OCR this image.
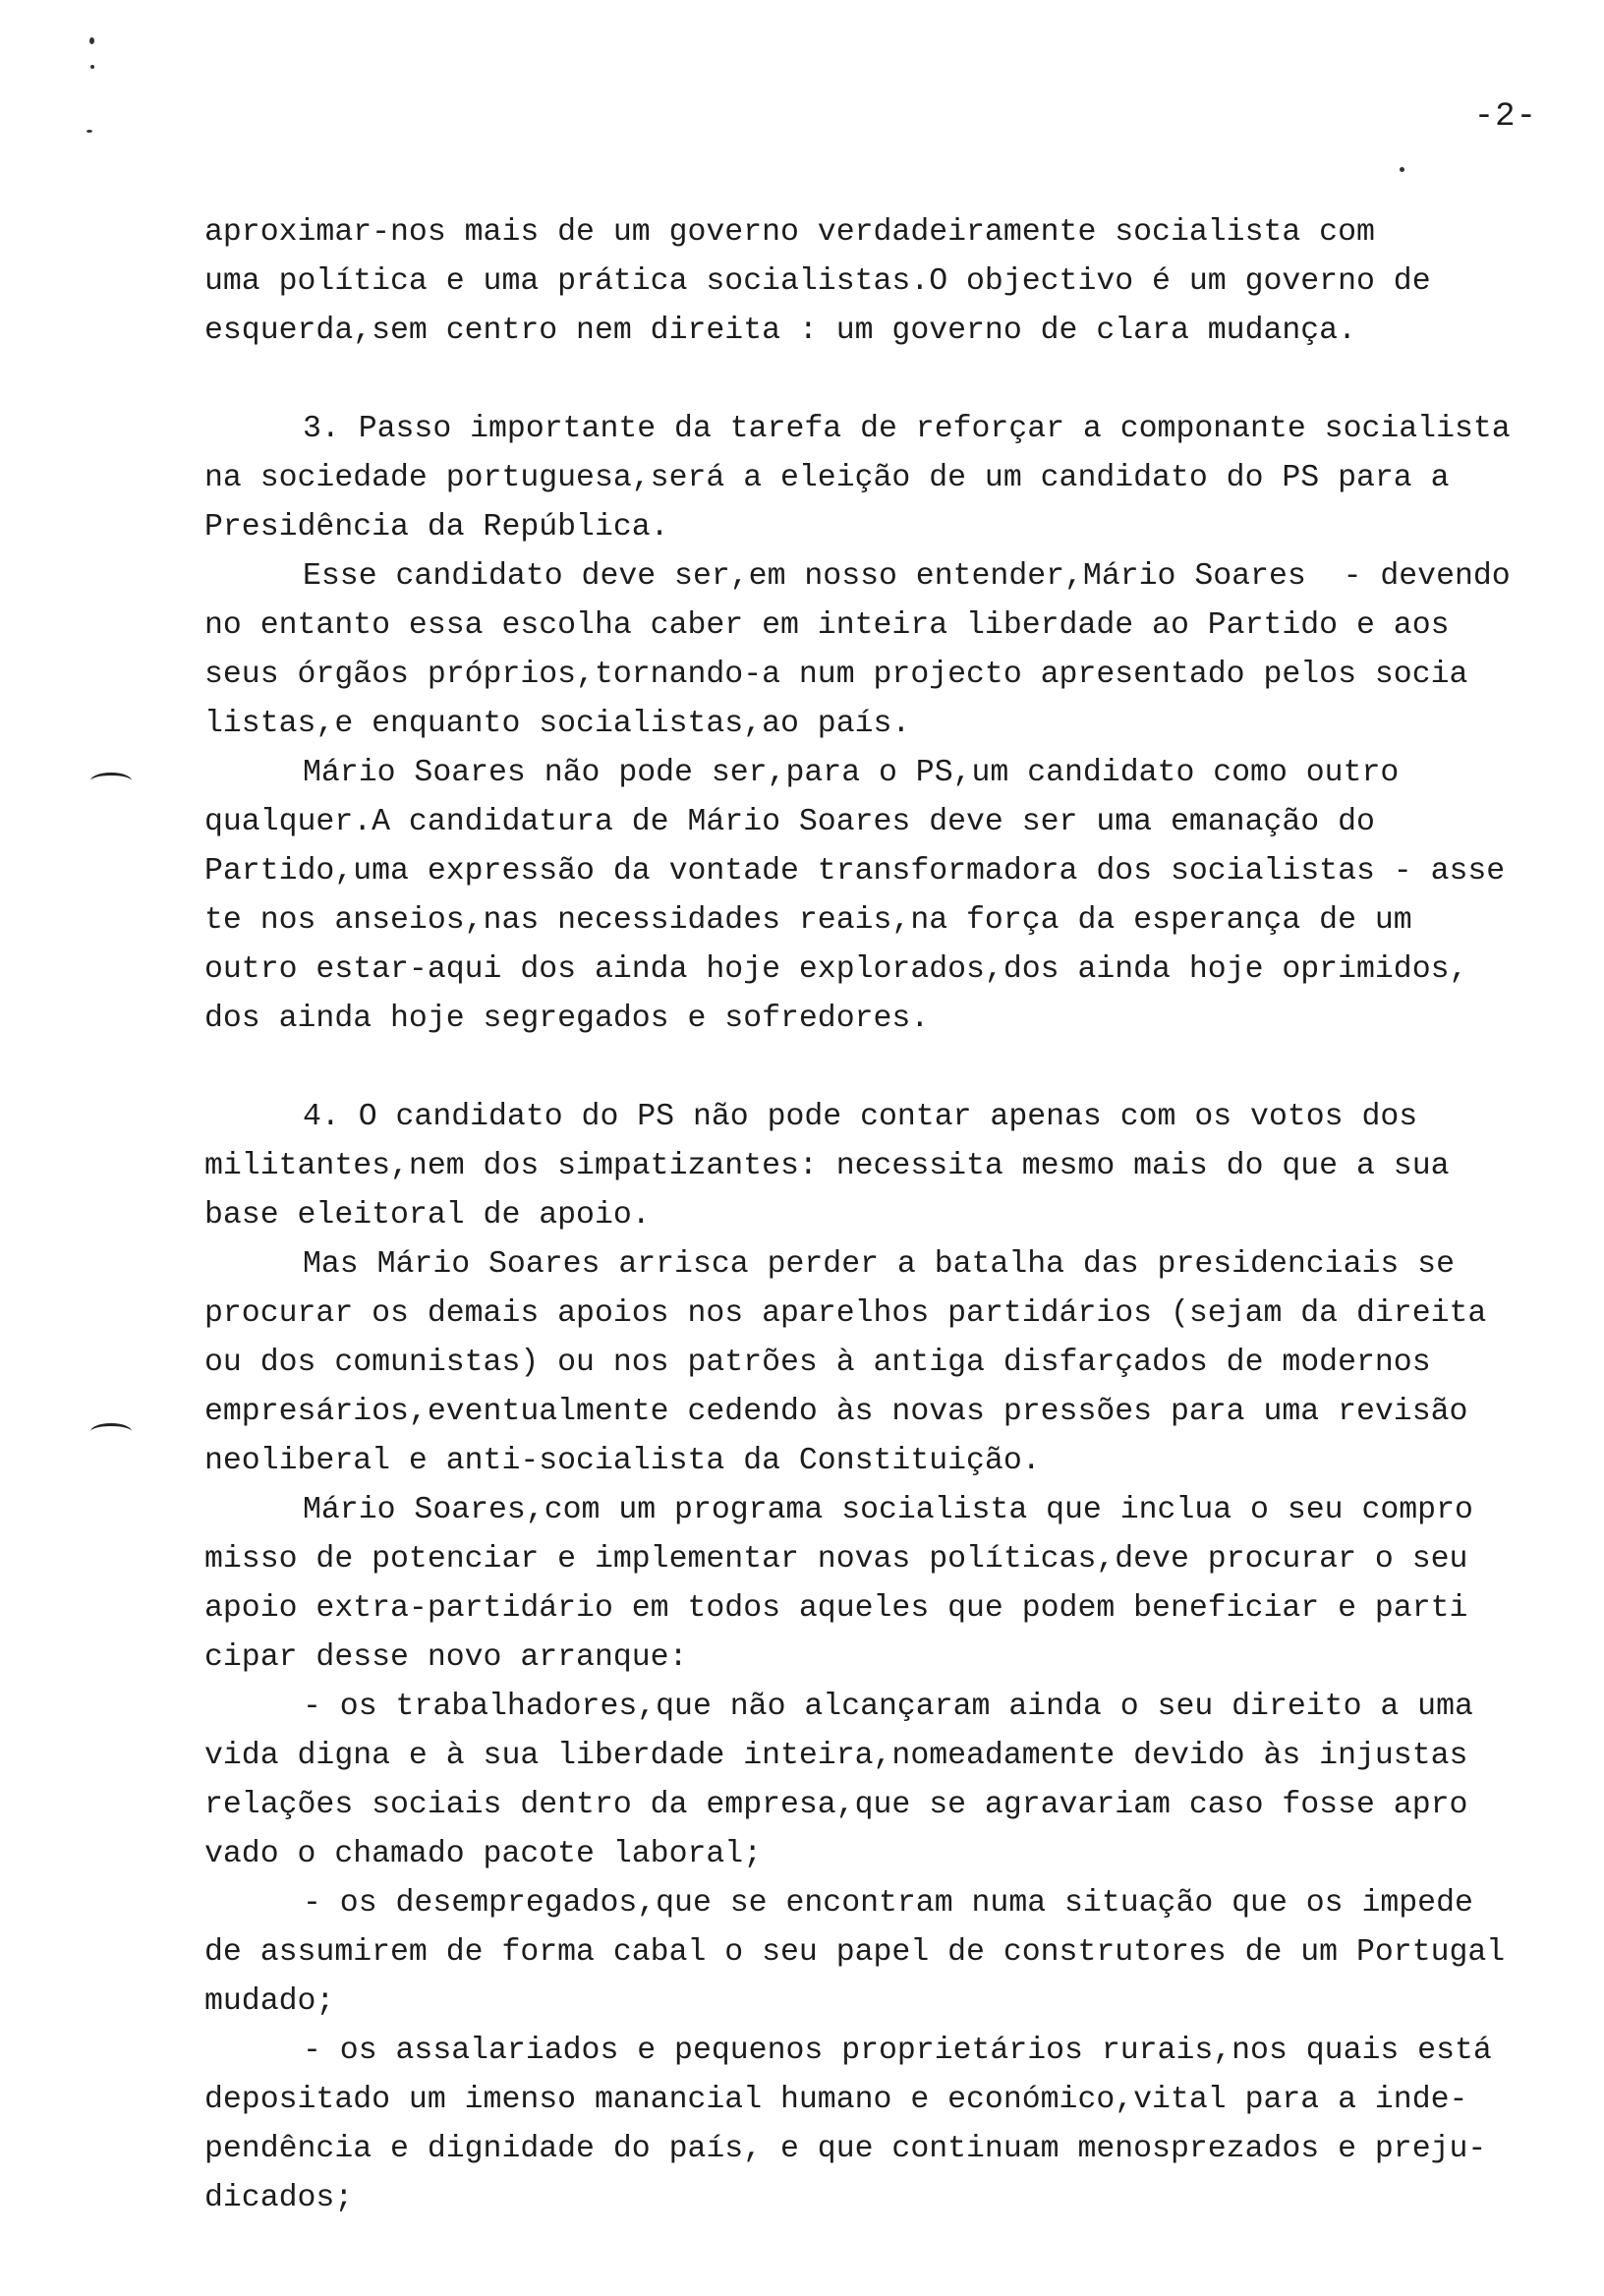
-2-
aproximar-nos mais de um governo verdadeiramente socialista com
uma política e uma prática socialistas.O objectivo é um governo de
esquerda,sem centro nem direita : um governo de clara mudança.
3. Passo importante da tarefa de reforçar a componante socialista
na sociedade portuguesa,será a eleição de um candidato do PS para a
Presidência da República.
Esse candidato deve ser,em nosso entender,Mário Soares  - devendo
no entanto essa escolha caber em inteira liberdade ao Partido e aos
seus órgãos próprios,tornando-a num projecto apresentado pelos socia
listas,e enquanto socialistas,ao país.
Mário Soares não pode ser,para o PS,um candidato como outro
qualquer.A candidatura de Mário Soares deve ser uma emanação do
Partido,uma expressão da vontade transformadora dos socialistas - asse
te nos anseios,nas necessidades reais,na força da esperança de um
outro estar-aqui dos ainda hoje explorados,dos ainda hoje oprimidos,
dos ainda hoje segregados e sofredores.
4. O candidato do PS não pode contar apenas com os votos dos
militantes,nem dos simpatizantes: necessita mesmo mais do que a sua
base eleitoral de apoio.
Mas Mário Soares arrisca perder a batalha das presidenciais se
procurar os demais apoios nos aparelhos partidários (sejam da direita
ou dos comunistas) ou nos patrões à antiga disfarçados de modernos
empresários,eventualmente cedendo às novas pressões para uma revisão
neoliberal e anti-socialista da Constituição.
Mário Soares,com um programa socialista que inclua o seu compro
misso de potenciar e implementar novas políticas,deve procurar o seu
apoio extra-partidário em todos aqueles que podem beneficiar e parti
cipar desse novo arranque:
- os trabalhadores,que não alcançaram ainda o seu direito a uma
vida digna e à sua liberdade inteira,nomeadamente devido às injustas
relações sociais dentro da empresa,que se agravariam caso fosse apro
vado o chamado pacote laboral;
- os desempregados,que se encontram numa situação que os impede
de assumirem de forma cabal o seu papel de construtores de um Portugal
mudado;
- os assalariados e pequenos proprietários rurais,nos quais está
depositado um imenso manancial humano e económico,vital para a inde-
pendência e dignidade do país, e que continuam menosprezados e preju-
dicados;
